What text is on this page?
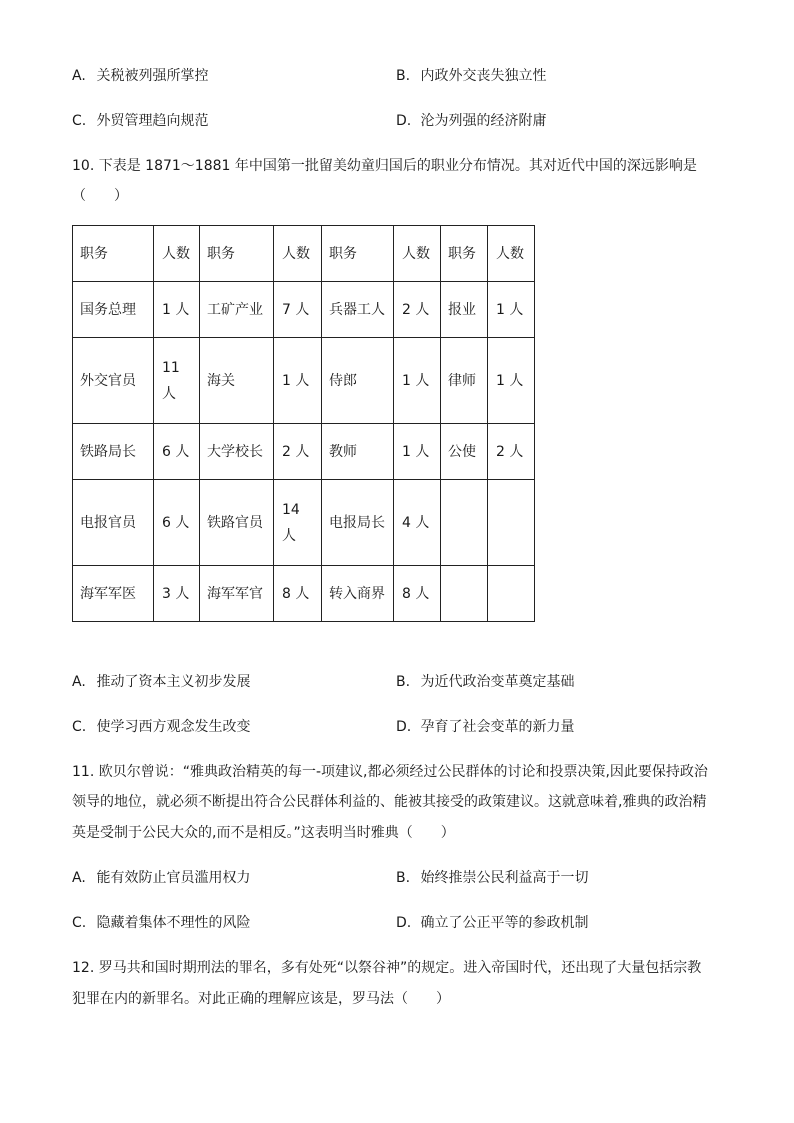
A. 关税被列强所掌控	B. 内政外交丧失独立性
C. 外贸管理趋向规范	D. 沦为列强的经济附庸
10. 下表是 1871～1881 年中国第一批留美幼童归国后的职业分布情况。其对近代中国的深远影响是
（　　）
职务	人数	职务	人数	职务	人数	职务	人数
国务总理	1 人	工矿产业	7 人	兵器工人	2 人	报业	1 人
外交官员	11 人	海关	1 人	侍郎	1 人	律师	1 人
铁路局长	6 人	大学校长	2 人	教师	1 人	公使	2 人
电报官员	6 人	铁路官员	14 人	电报局长	4 人		
海军军医	3 人	海军军官	8 人	转入商界	8 人		
A. 推动了资本主义初步发展	B. 为近代政治变革奠定基础
C. 使学习西方观念发生改变	D. 孕育了社会变革的新力量
11. 欧贝尔曾说：“雅典政治精英的每一-项建议,都必须经过公民群体的讨论和投票决策,因此要保持政治
领导的地位，就必须不断提出符合公民群体利益的、能被其接受的政策建议。这就意味着,雅典的政治精
英是受制于公民大众的,而不是相反。”这表明当时雅典（　　）
A. 能有效防止官员滥用权力	B. 始终推崇公民利益高于一切
C. 隐藏着集体不理性的风险	D. 确立了公正平等的参政机制
12. 罗马共和国时期刑法的罪名，多有处死“以祭谷神”的规定。进入帝国时代，还出现了大量包括宗教
犯罪在内的新罪名。对此正确的理解应该是，罗马法（　　）
